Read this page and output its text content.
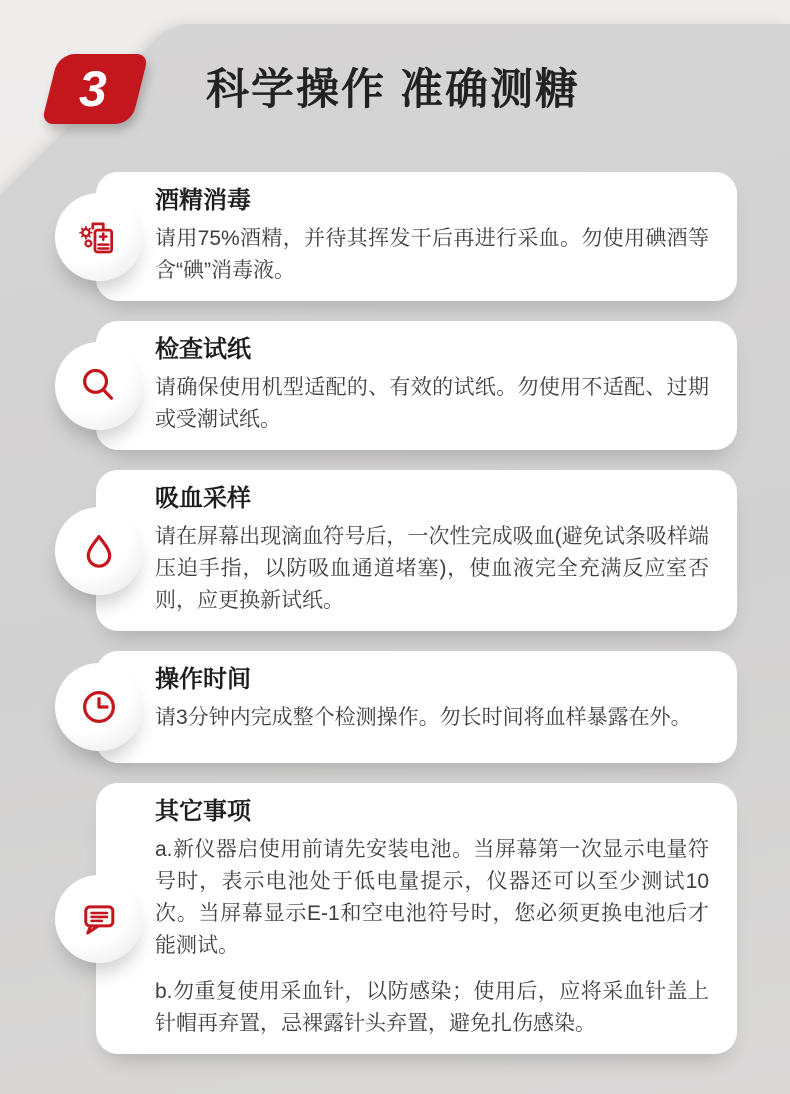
3 科学操作 准确测糖
酒精消毒

请用75%酒精，并待其挥发干后再进行采血。勿使用碘酒等含“碘”消毒液。

检查试纸

请确保使用机型适配的、有效的试纸。勿使用不适配、过期或受潮试纸。

吸血采样

请在屏幕出现滴血符号后，一次性完成吸血(避免试条吸样端压迫手指，以防吸血通道堵塞)，使血液完全充满反应室否则，应更换新试纸。

操作时间

请3分钟内完成整个检测操作。勿长时间将血样暴露在外。

其它事项

a.新仪器启使用前请先安装电池。当屏幕第一次显示电量符号时，表示电池处于低电量提示，仪器还可以至少测试10次。当屏幕显示E-1和空电池符号时，您必须更换电池后才能测试。

b.勿重复使用采血针，以防感染；使用后，应将采血针盖上针帽再弃置，忌裸露针头弃置，避免扎伤感染。
